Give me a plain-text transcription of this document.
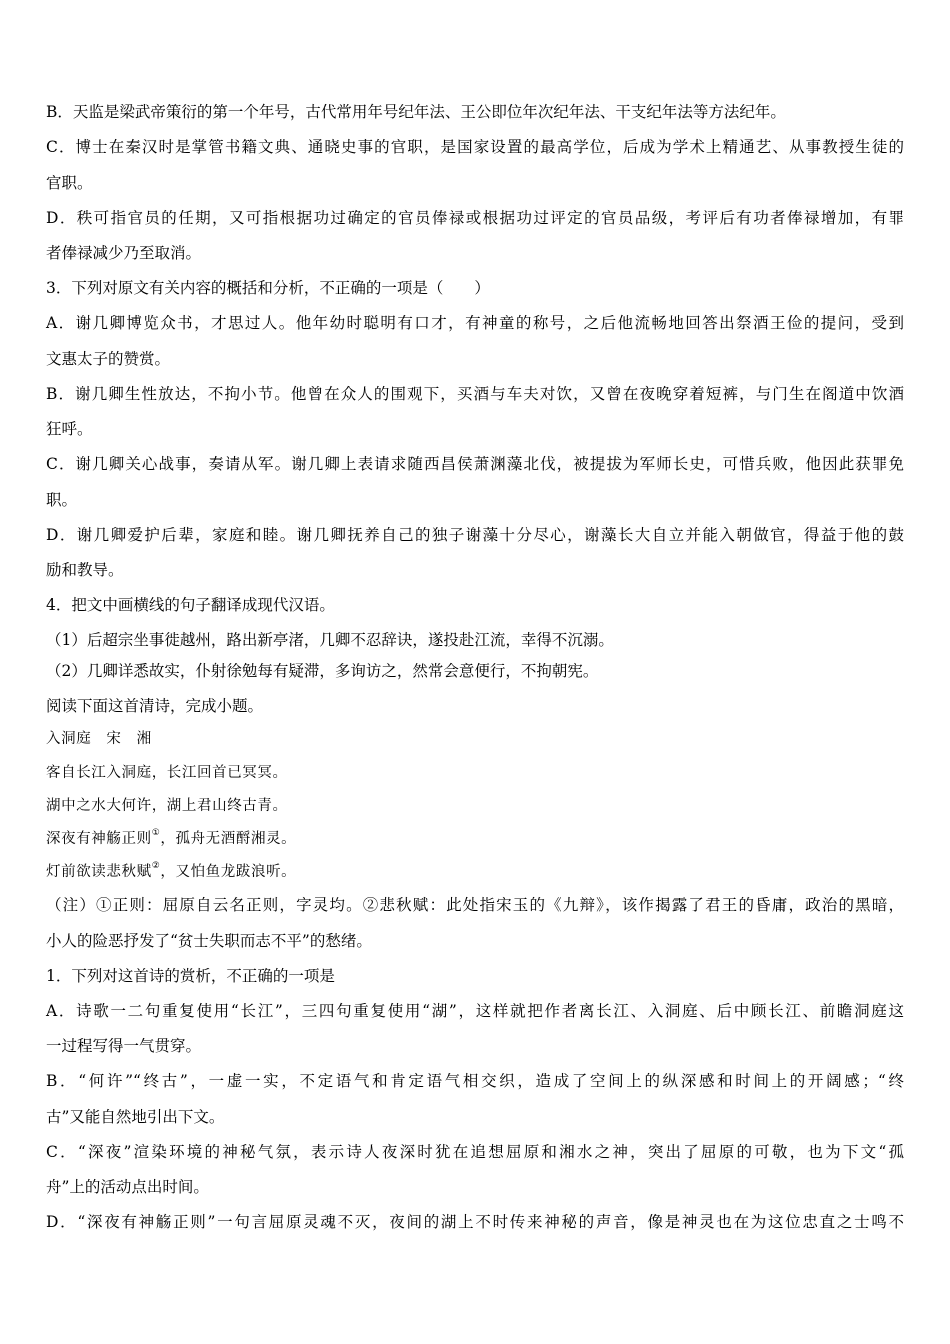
B．天监是梁武帝策衍的第一个年号，古代常用年号纪年法、王公即位年次纪年法、干支纪年法等方法纪年。
C．博士在秦汉时是掌管书籍文典、通晓史事的官职，是国家设置的最高学位，后成为学术上精通艺、从事教授生徒的
官职。
D．秩可指官员的任期，又可指根据功过确定的官员俸禄或根据功过评定的官员品级，考评后有功者俸禄增加，有罪
者俸禄减少乃至取消。
3．下列对原文有关内容的概括和分析，不正确的一项是（　　）
A．谢几卿博览众书，才思过人。他年幼时聪明有口才，有神童的称号，之后他流畅地回答出祭酒王俭的提问，受到
文惠太子的赞赏。
B．谢几卿生性放达，不拘小节。他曾在众人的围观下，买酒与车夫对饮，又曾在夜晚穿着短裤，与门生在阁道中饮酒
狂呼。
C．谢几卿关心战事，奏请从军。谢几卿上表请求随西昌侯萧渊藻北伐，被提拔为军师长史，可惜兵败，他因此获罪免
职。
D．谢几卿爱护后辈，家庭和睦。谢几卿抚养自己的独子谢藻十分尽心，谢藻长大自立并能入朝做官，得益于他的鼓
励和教导。
4．把文中画横线的句子翻译成现代汉语。
（1）后超宗坐事徙越州，路出新亭渚，几卿不忍辞诀，遂投赴江流，幸得不沉溺。
（2）几卿详悉故实，仆射徐勉每有疑滞，多询访之，然常会意便行，不拘朝宪。
阅读下面这首清诗，完成小题。
入洞庭　宋　湘
客自长江入洞庭，长江回首已冥冥。
湖中之水大何许，湖上君山终古青。
深夜有神觞正则①，孤舟无酒酹湘灵。
灯前欲读悲秋赋②，又怕鱼龙跋浪听。
（注）①正则：屈原自云名正则，字灵均。②悲秋赋：此处指宋玉的《九辩》，该作揭露了君王的昏庸，政治的黑暗，
小人的险恶抒发了“贫士失职而志不平”的愁绪。
1．下列对这首诗的赏析，不正确的一项是
A．诗歌一二句重复使用“长江”，三四句重复使用“湖”，这样就把作者离长江、入洞庭、后中顾长江、前瞻洞庭这
一过程写得一气贯穿。
B．“何许”“终古”，一虚一实，不定语气和肯定语气相交织，造成了空间上的纵深感和时间上的开阔感；“终
古”又能自然地引出下文。
C．“深夜”渲染环境的神秘气氛，表示诗人夜深时犹在追想屈原和湘水之神，突出了屈原的可敬，也为下文“孤
舟”上的活动点出时间。
D．“深夜有神觞正则”一句言屈原灵魂不灭，夜间的湖上不时传来神秘的声音，像是神灵也在为这位忠直之士鸣不
